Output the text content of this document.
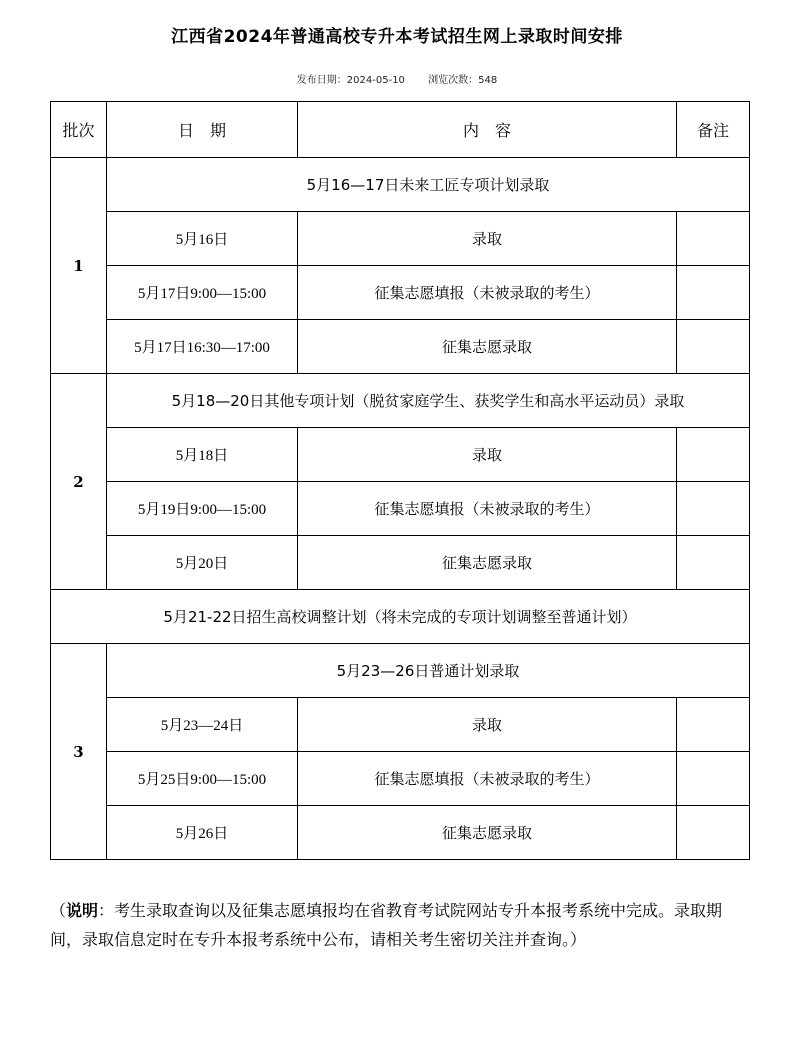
江西省2024年普通高校专升本考试招生网上录取时间安排
发布日期：2024-05-10 浏览次数：548
批次	日　期	内　容	备注
1	5月16—17日未来工匠专项计划录取		
	5月16日	录取	
	5月17日9:00—15:00	征集志愿填报（未被录取的考生）	
	5月17日16:30—17:00	征集志愿录取	
2	5月18—20日其他专项计划（脱贫家庭学生、获奖学生和高水平运动员）录取		
	5月18日	录取	
	5月19日9:00—15:00	征集志愿填报（未被录取的考生）	
	5月20日	征集志愿录取	
5月21-22日招生高校调整计划（将未完成的专项计划调整至普通计划）			
3	5月23—26日普通计划录取		
	5月23—24日	录取	
	5月25日9:00—15:00	征集志愿填报（未被录取的考生）	
	5月26日	征集志愿录取	
（说明：考生录取查询以及征集志愿填报均在省教育考试院网站专升本报考系统中完成。录取期间，录取信息定时在专升本报考系统中公布，请相关考生密切关注并查询。）
